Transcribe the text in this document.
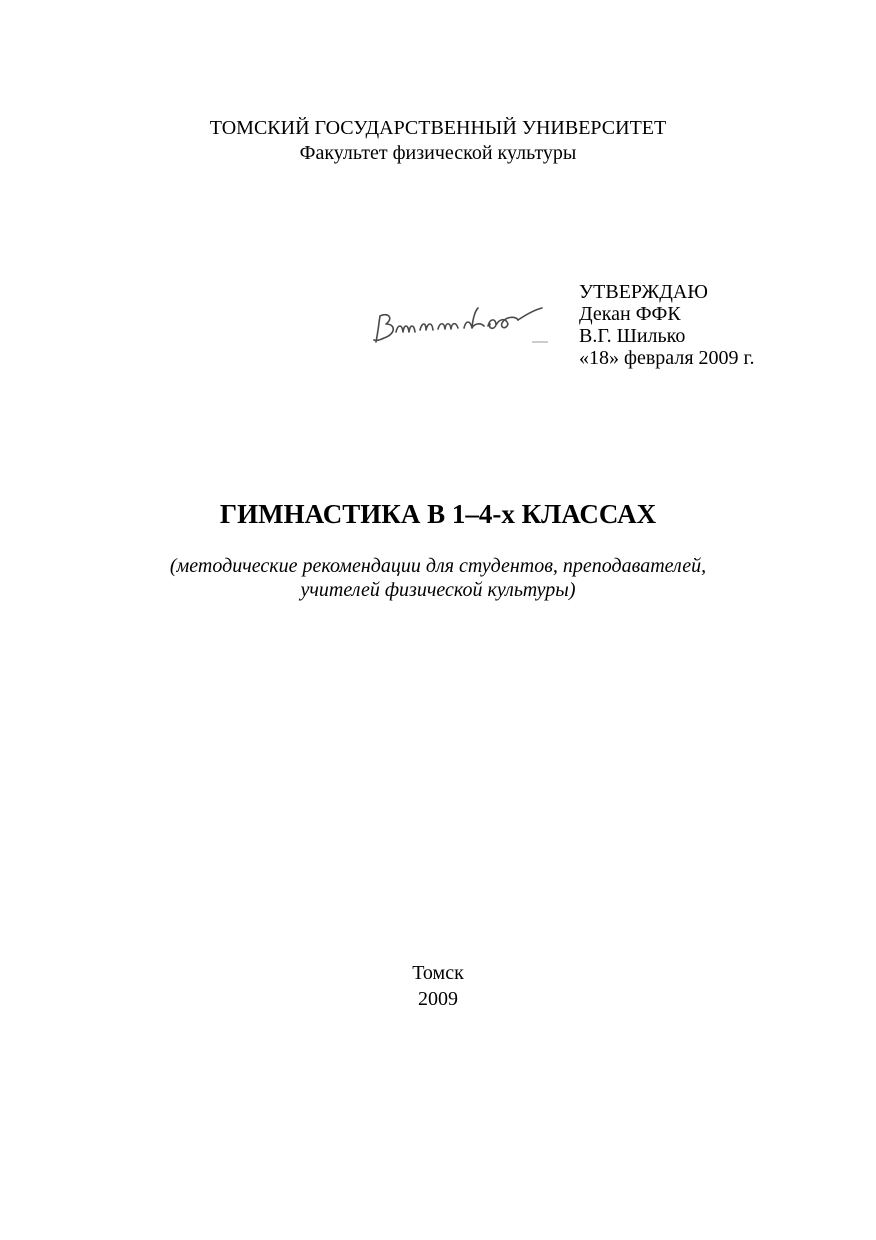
ТОМСКИЙ ГОСУДАРСТВЕННЫЙ УНИВЕРСИТЕТ
Факультет физической культуры
УТВЕРЖДАЮ
Декан ФФК
В.Г. Шилько
«18» февраля 2009 г.
ГИМНАСТИКА В 1–4-х КЛАССАХ
(методические рекомендации для студентов, преподавателей,
учителей физической культуры)
Томск
2009
